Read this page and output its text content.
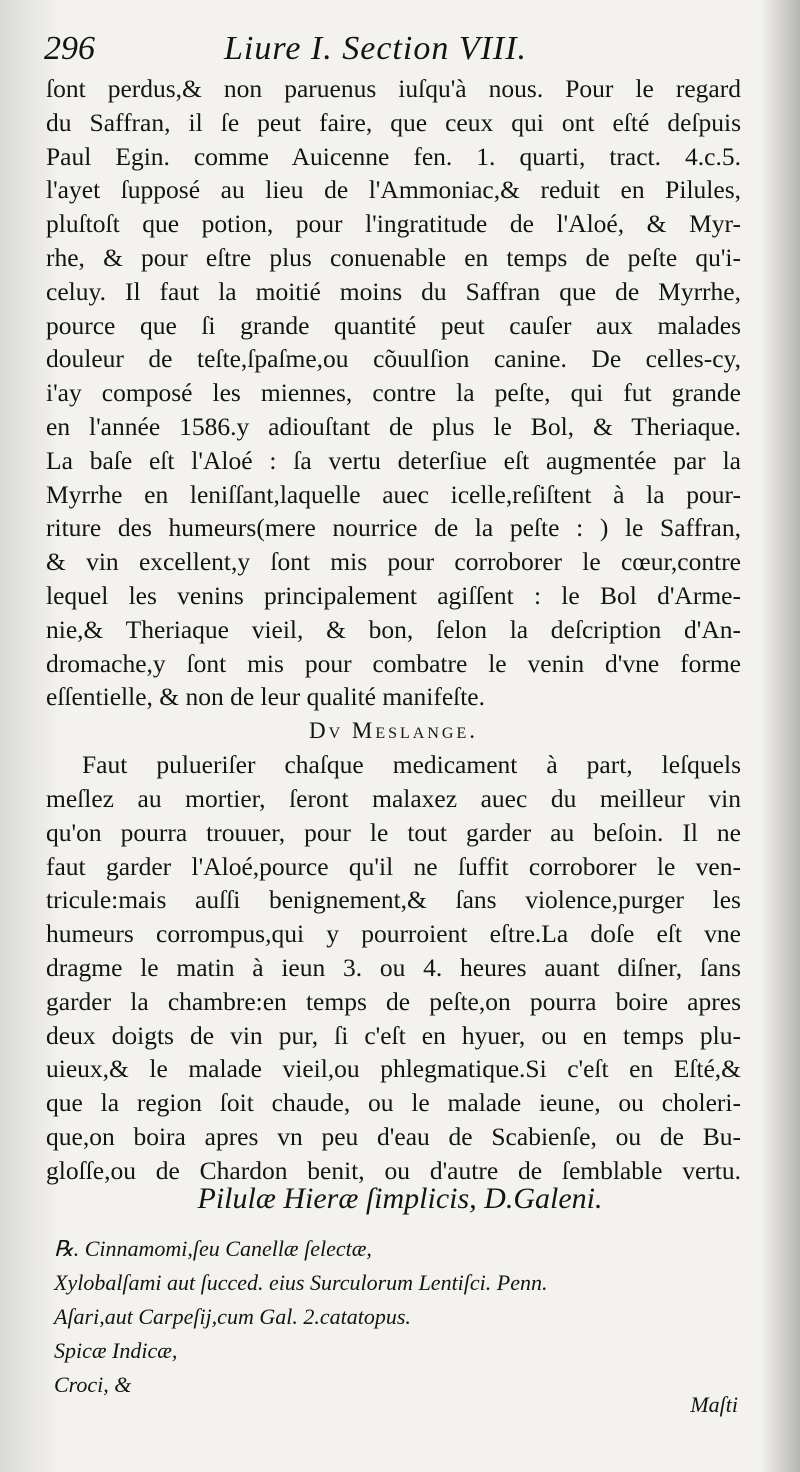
296	Liure I. Section VIII.
ſont perdus,& non paruenus iuſqu'à nous. Pour le regard
du Saffran, il ſe peut faire, que ceux qui ont eſté deſpuis
Paul Egin. comme Auicenne fen. 1. quarti, tract. 4.c.5.
l'ayet ſupposé au lieu de l'Ammoniac,& reduit en Pilules,
pluſtoſt que potion, pour l'ingratitude de l'Aloé, & Myr-
rhe, & pour eſtre plus conuenable en temps de peſte qu'i-
celuy. Il faut la moitié moins du Saffran que de Myrrhe,
pource que ſi grande quantité peut cauſer aux malades
douleur de teſte,ſpaſme,ou cõuulſion canine. De celles-cy,
i'ay composé les miennes, contre la peſte, qui fut grande
en l'année 1586.y adiouſtant de plus le Bol, & Theriaque.
La baſe eſt l'Aloé : ſa vertu deterſiue eſt augmentée par la
Myrrhe en leniſſant,laquelle auec icelle,reſiſtent à la pour-
riture des humeurs(mere nourrice de la peſte : ) le Saffran,
& vin excellent,y ſont mis pour corroborer le cœur,contre
lequel les venins principalement agiſſent : le Bol d'Arme-
nie,& Theriaque vieil, & bon, ſelon la deſcription d'An-
dromache,y ſont mis pour combatre le venin d'vne forme
eſſentielle, & non de leur qualité manifeſte.
Dv Meslange.
Faut pulueriſer chaſque medicament à part, leſquels
meſlez au mortier, ſeront malaxez auec du meilleur vin
qu'on pourra trouuer, pour le tout garder au beſoin. Il ne
faut garder l'Aloé,pource qu'il ne ſuffit corroborer le ven-
tricule:mais auſſi benignement,& ſans violence,purger les
humeurs corrompus,qui y pourroient eſtre.La doſe eſt vne
dragme le matin à ieun 3. ou 4. heures auant diſner, ſans
garder la chambre:en temps de peſte,on pourra boire apres
deux doigts de vin pur, ſi c'eſt en hyuer, ou en temps plu-
uieux,& le malade vieil,ou phlegmatique.Si c'eſt en Eſté,&
que la region ſoit chaude, ou le malade ieune, ou choleri-
que,on boira apres vn peu d'eau de Scabienſe, ou de Bu-
gloſſe,ou de Chardon benit, ou d'autre de ſemblable vertu.
Pilulæ Hieræ ſimplicis, D.Galeni.
℞. Cinnamomi,ſeu Canellæ ſelectæ,
Xylobalſami aut ſucced. eius Surculorum Lentiſci. Penn.
Aſari,aut Carpeſij,cum Gal. 2.catatopus.
Spicæ Indicæ,
Croci, &
Maſti
